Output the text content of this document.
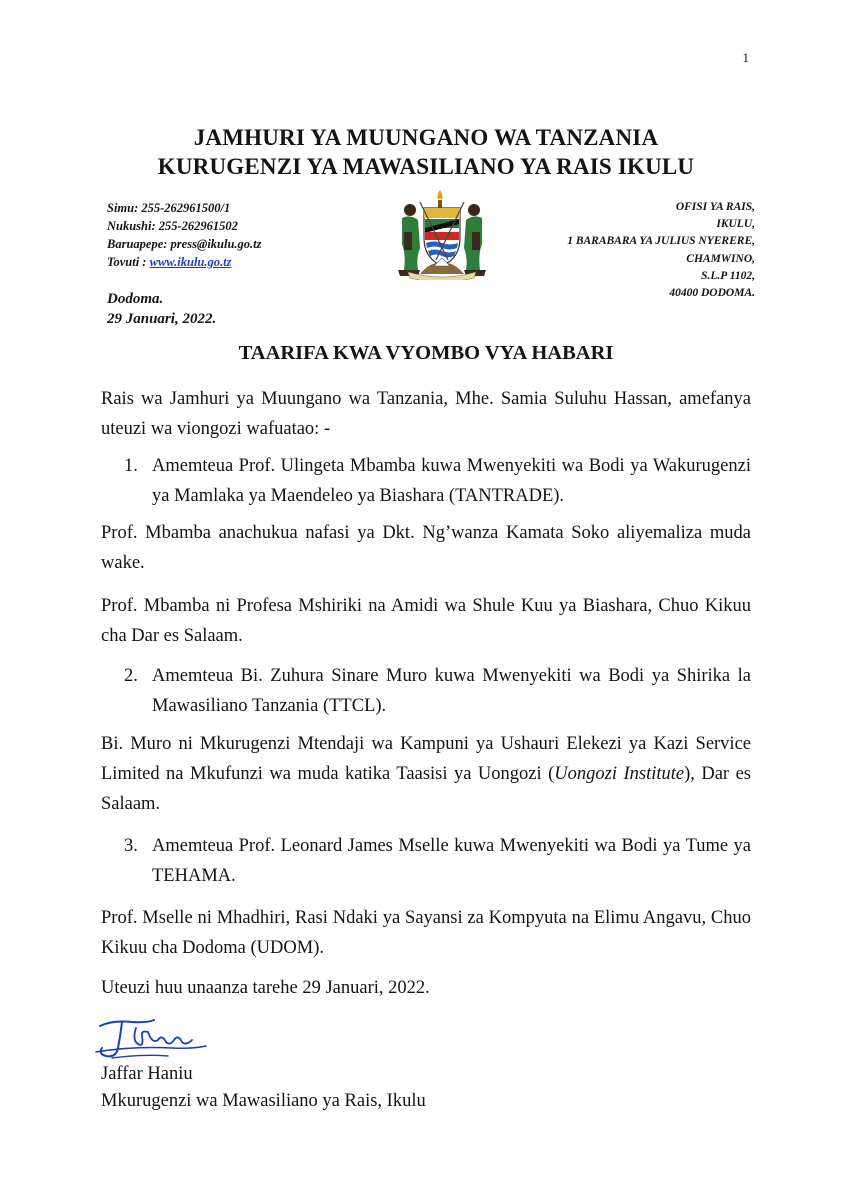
1
JAMHURI YA MUUNGANO WA TANZANIA
KURUGENZI YA MAWASILIANO YA RAIS IKULU
Simu: 255-262961500/1
Nukushi: 255-262961502
Baruapepe: press@ikulu.go.tz
Tovuti : www.ikulu.go.tz
OFISI YA RAIS,
IKULU,
1 BARABARA YA JULIUS NYERERE,
CHAMWINO,
S.L.P 1102,
40400 DODOMA.
Dodoma.
29 Januari, 2022.
TAARIFA KWA VYOMBO VYA HABARI
Rais wa Jamhuri ya Muungano wa Tanzania, Mhe. Samia Suluhu Hassan, amefanya uteuzi wa viongozi wafuatao: -
1. Amemteua Prof. Ulingeta Mbamba kuwa Mwenyekiti wa Bodi ya Wakurugenzi ya Mamlaka ya Maendeleo ya Biashara (TANTRADE).
Prof. Mbamba anachukua nafasi ya Dkt. Ng’wanza Kamata Soko aliyemaliza muda wake.
Prof. Mbamba ni Profesa Mshiriki na Amidi wa Shule Kuu ya Biashara, Chuo Kikuu cha Dar es Salaam.
2. Amemteua Bi. Zuhura Sinare Muro kuwa Mwenyekiti wa Bodi ya Shirika la Mawasiliano Tanzania (TTCL).
Bi. Muro ni Mkurugenzi Mtendaji wa Kampuni ya Ushauri Elekezi ya Kazi Service Limited na Mkufunzi wa muda katika Taasisi ya Uongozi (Uongozi Institute), Dar es Salaam.
3. Amemteua Prof. Leonard James Mselle kuwa Mwenyekiti wa Bodi ya Tume ya TEHAMA.
Prof. Mselle ni Mhadhiri, Rasi Ndaki ya Sayansi za Kompyuta na Elimu Angavu, Chuo Kikuu cha Dodoma (UDOM).
Uteuzi huu unaanza tarehe 29 Januari, 2022.
Jaffar Haniu
Mkurugenzi wa Mawasiliano ya Rais, Ikulu
